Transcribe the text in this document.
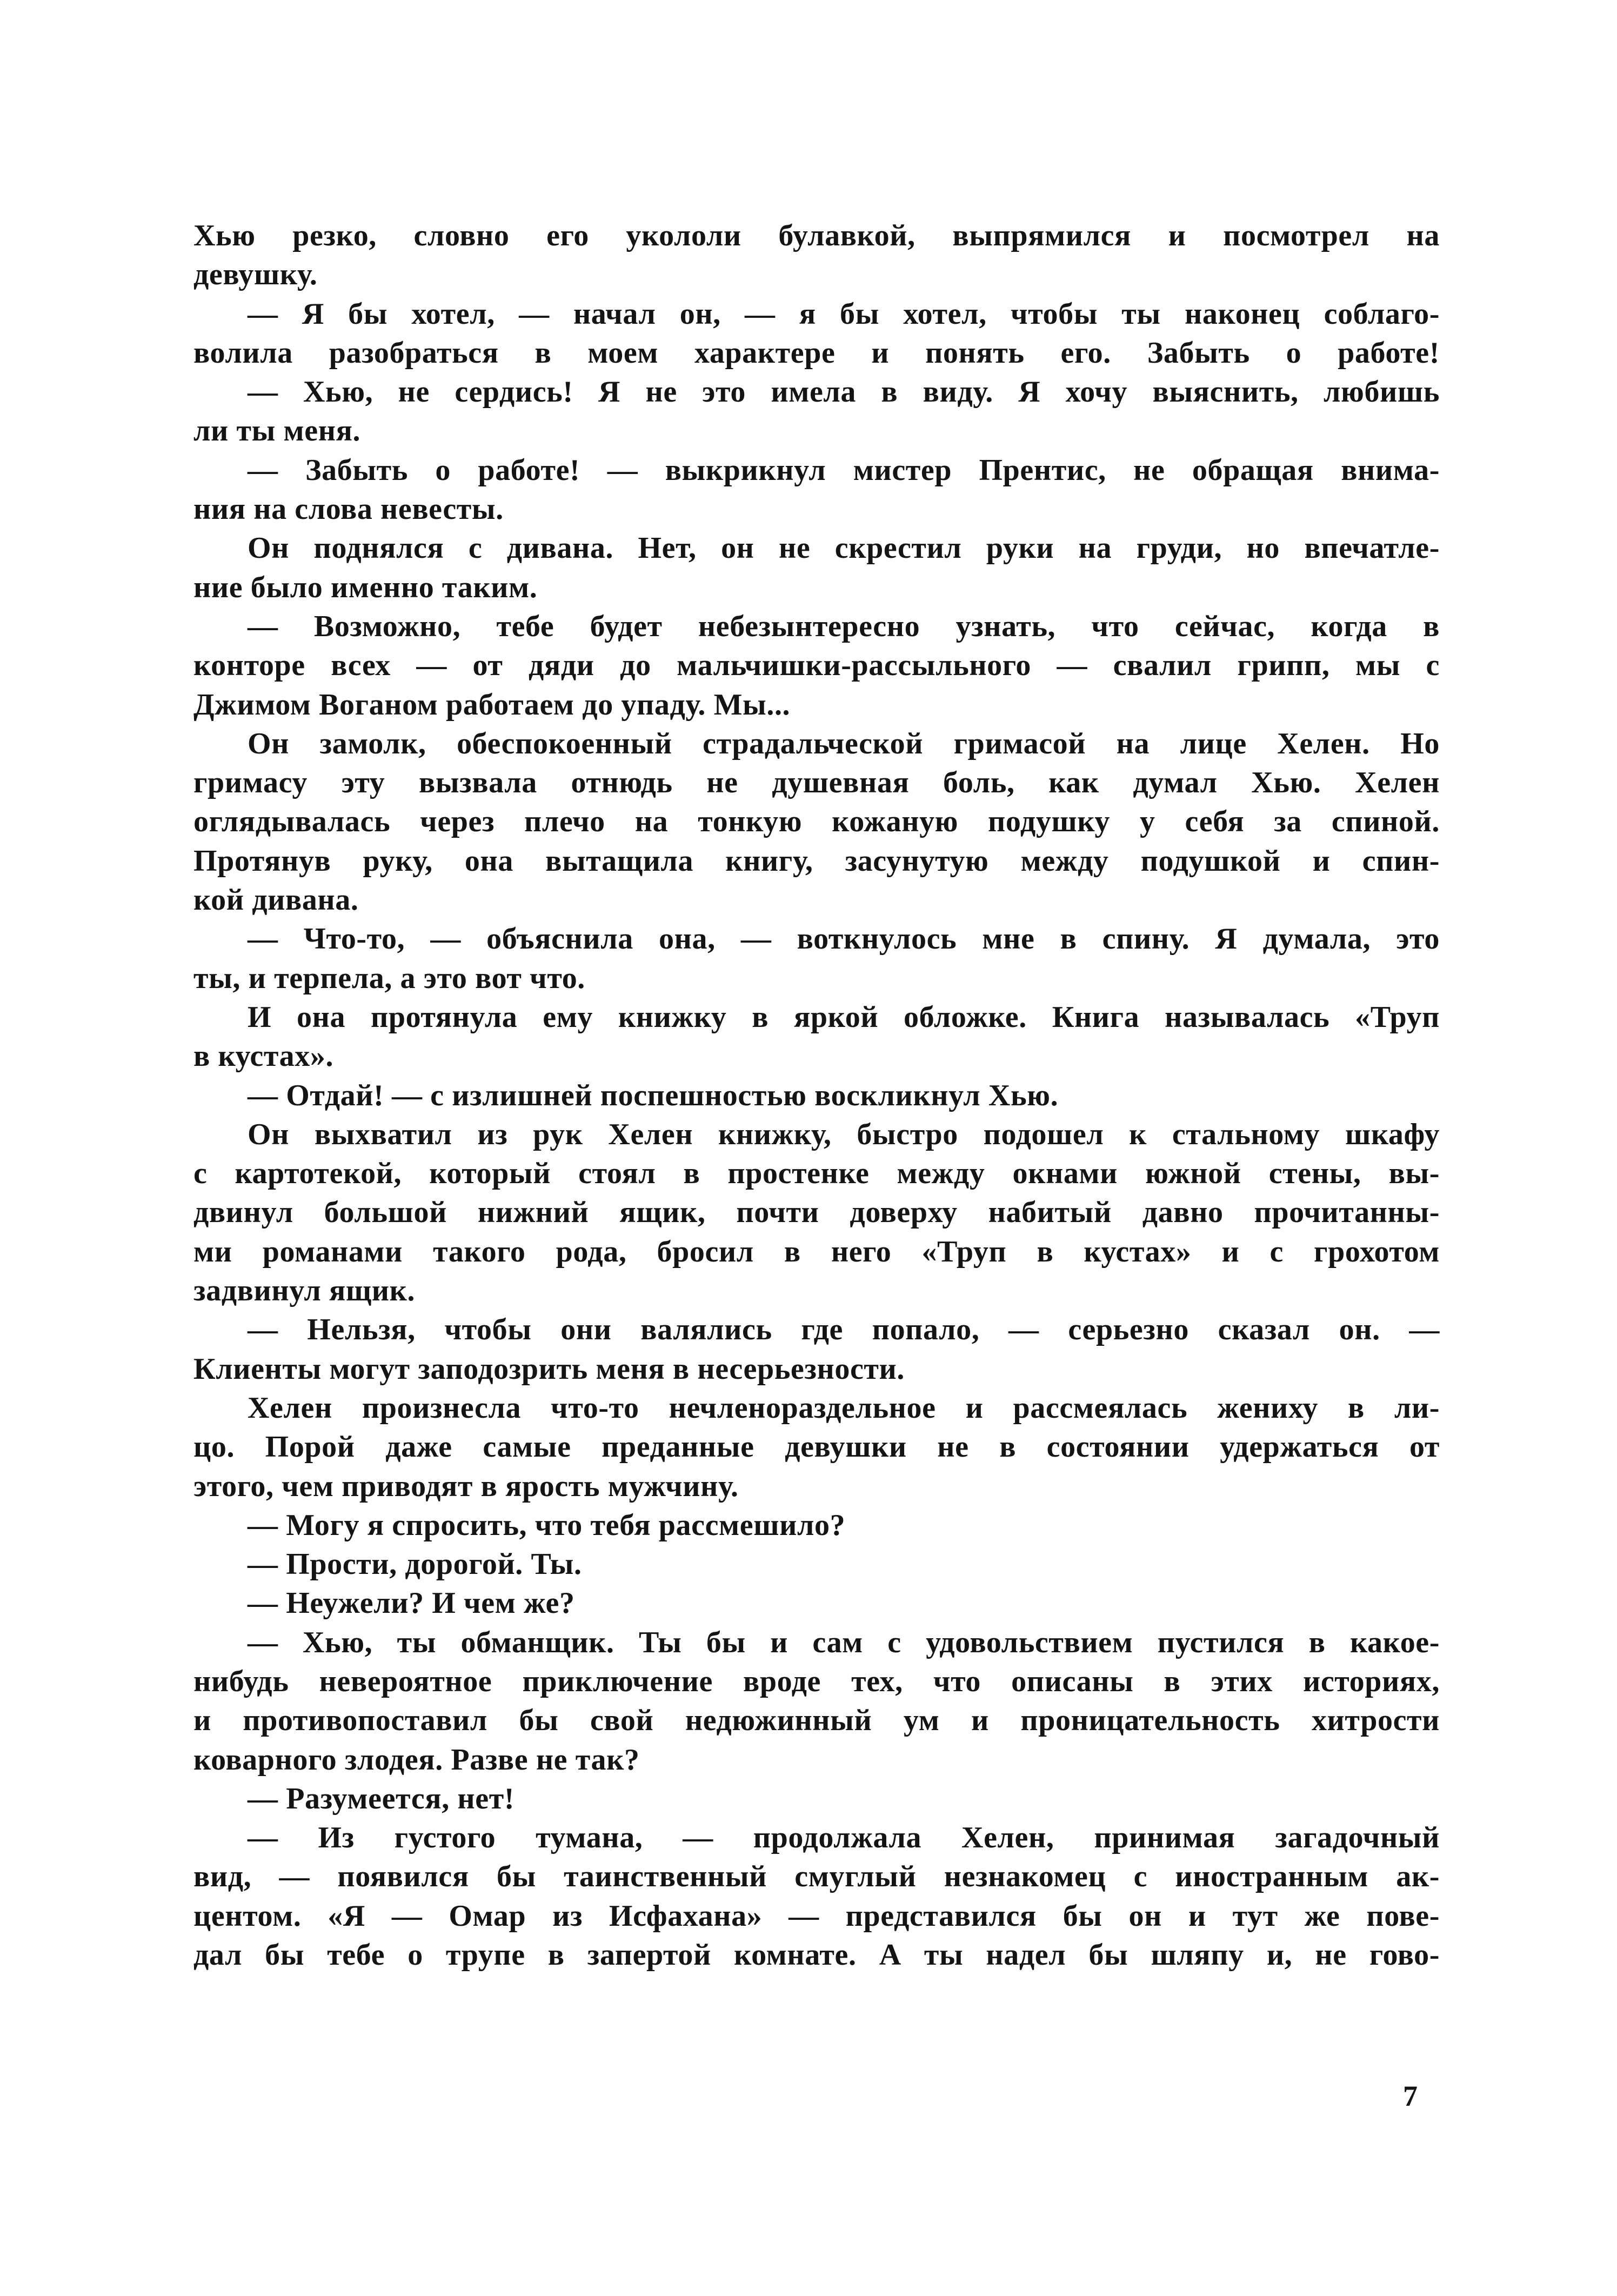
Хью резко, словно его укололи булавкой, выпрямился и посмотрел на
девушку.
— Я бы хотел, — начал он, — я бы хотел, чтобы ты наконец соблаго-
волила разобраться в моем характере и понять его. Забыть о работе!
— Хью, не сердись! Я не это имела в виду. Я хочу выяснить, любишь
ли ты меня.
— Забыть о работе! — выкрикнул мистер Прентис, не обращая внима-
ния на слова невесты.
Он поднялся с дивана. Нет, он не скрестил руки на груди, но впечатле-
ние было именно таким.
— Возможно, тебе будет небезынтересно узнать, что сейчас, когда в
конторе всех — от дяди до мальчишки-рассыльного — свалил грипп, мы с
Джимом Воганом работаем до упаду. Мы...
Он замолк, обеспокоенный страдальческой гримасой на лице Хелен. Но
гримасу эту вызвала отнюдь не душевная боль, как думал Хью. Хелен
оглядывалась через плечо на тонкую кожаную подушку у себя за спиной.
Протянув руку, она вытащила книгу, засунутую между подушкой и спин-
кой дивана.
— Что-то, — объяснила она, — воткнулось мне в спину. Я думала, это
ты, и терпела, а это вот что.
И она протянула ему книжку в яркой обложке. Книга называлась «Труп
в кустах».
— Отдай! — с излишней поспешностью воскликнул Хью.
Он выхватил из рук Хелен книжку, быстро подошел к стальному шкафу
с картотекой, который стоял в простенке между окнами южной стены, вы-
двинул большой нижний ящик, почти доверху набитый давно прочитанны-
ми романами такого рода, бросил в него «Труп в кустах» и с грохотом
задвинул ящик.
— Нельзя, чтобы они валялись где попало, — серьезно сказал он. —
Клиенты могут заподозрить меня в несерьезности.
Хелен произнесла что-то нечленораздельное и рассмеялась жениху в ли-
цо. Порой даже самые преданные девушки не в состоянии удержаться от
этого, чем приводят в ярость мужчину.
— Могу я спросить, что тебя рассмешило?
— Прости, дорогой. Ты.
— Неужели? И чем же?
— Хью, ты обманщик. Ты бы и сам с удовольствием пустился в какое-
нибудь невероятное приключение вроде тех, что описаны в этих историях,
и противопоставил бы свой недюжинный ум и проницательность хитрости
коварного злодея. Разве не так?
— Разумеется, нет!
— Из густого тумана, — продолжала Хелен, принимая загадочный
вид, — появился бы таинственный смуглый незнакомец с иностранным ак-
центом. «Я — Омар из Исфахана» — представился бы он и тут же пове-
дал бы тебе о трупе в запертой комнате. А ты надел бы шляпу и, не гово-
7
